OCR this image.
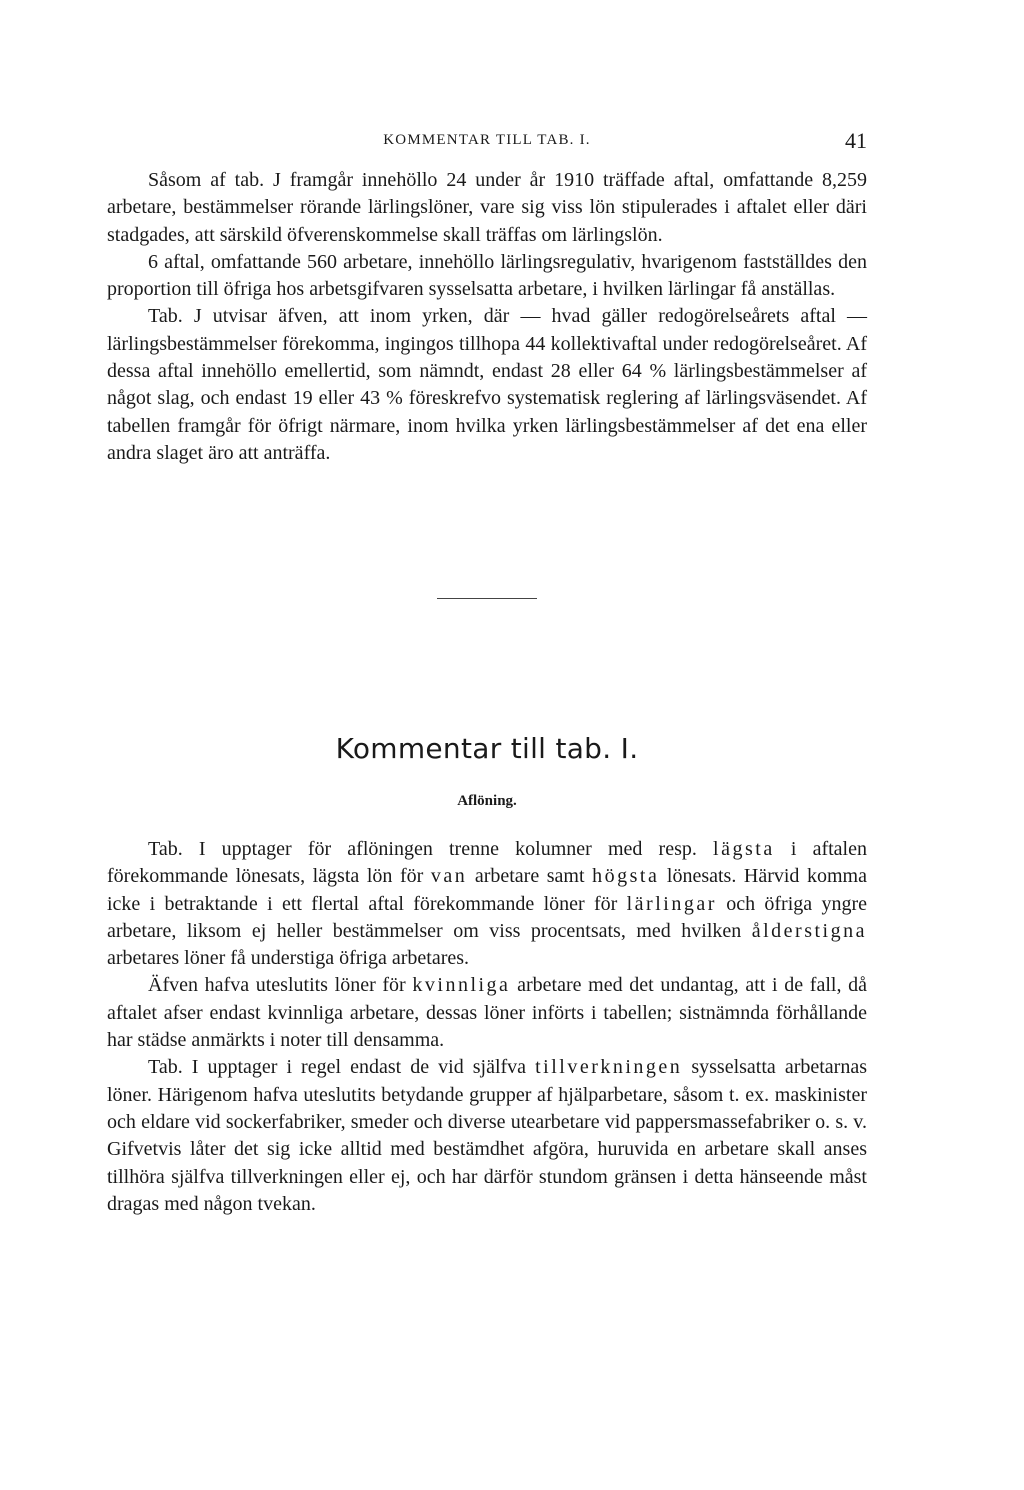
KOMMENTAR TILL TAB. I.	41

Såsom af tab. J framgår innehöllo 24 under år 1910 träffade aftal, omfattande 8,259 arbetare, bestämmelser rörande lärlingslöner, vare sig viss lön stipulerades i aftalet eller däri stadgades, att särskild öfverenskommelse skall träffas om lärlingslön.

6 aftal, omfattande 560 arbetare, innehöllo lärlingsregulativ, hvarigenom fastställdes den proportion till öfriga hos arbetsgifvaren sysselsatta arbetare, i hvilken lärlingar få anställas.

Tab. J utvisar äfven, att inom yrken, där — hvad gäller redogörelseårets aftal — lärlingsbestämmelser förekomma, ingingos tillhopa 44 kollektivaftal under redogörelseåret. Af dessa aftal innehöllo emellertid, som nämndt, endast 28 eller 64 % lärlingsbestämmelser af något slag, och endast 19 eller 43 % föreskrefvo systematisk reglering af lärlingsväsendet. Af tabellen framgår för öfrigt närmare, inom hvilka yrken lärlingsbestämmelser af det ena eller andra slaget äro att anträffa.

Kommentar till tab. I.
Aflöning.

Tab. I upptager för aflöningen trenne kolumner med resp. lägsta i aftalen förekommande lönesats, lägsta lön för van arbetare samt högsta lönesats. Härvid komma icke i betraktande i ett flertal aftal förekommande löner för lärlingar och öfriga yngre arbetare, liksom ej heller bestämmelser om viss procentsats, med hvilken ålderstigna arbetares löner få understiga öfriga arbetares.

Äfven hafva uteslutits löner för kvinnliga arbetare med det undantag, att i de fall, då aftalet afser endast kvinnliga arbetare, dessas löner införts i tabellen; sistnämnda förhållande har städse anmärkts i noter till densamma.

Tab. I upptager i regel endast de vid själfva tillverkningen sysselsatta arbetarnas löner. Härigenom hafva uteslutits betydande grupper af hjälparbetare, såsom t. ex. maskinister och eldare vid sockerfabriker, smeder och diverse utearbetare vid pappersmassefabriker o. s. v. Gifvetvis låter det sig icke alltid med bestämdhet afgöra, huruvida en arbetare skall anses tillhöra själfva tillverkningen eller ej, och har därför stundom gränsen i detta hänseende måst dragas med någon tvekan.
